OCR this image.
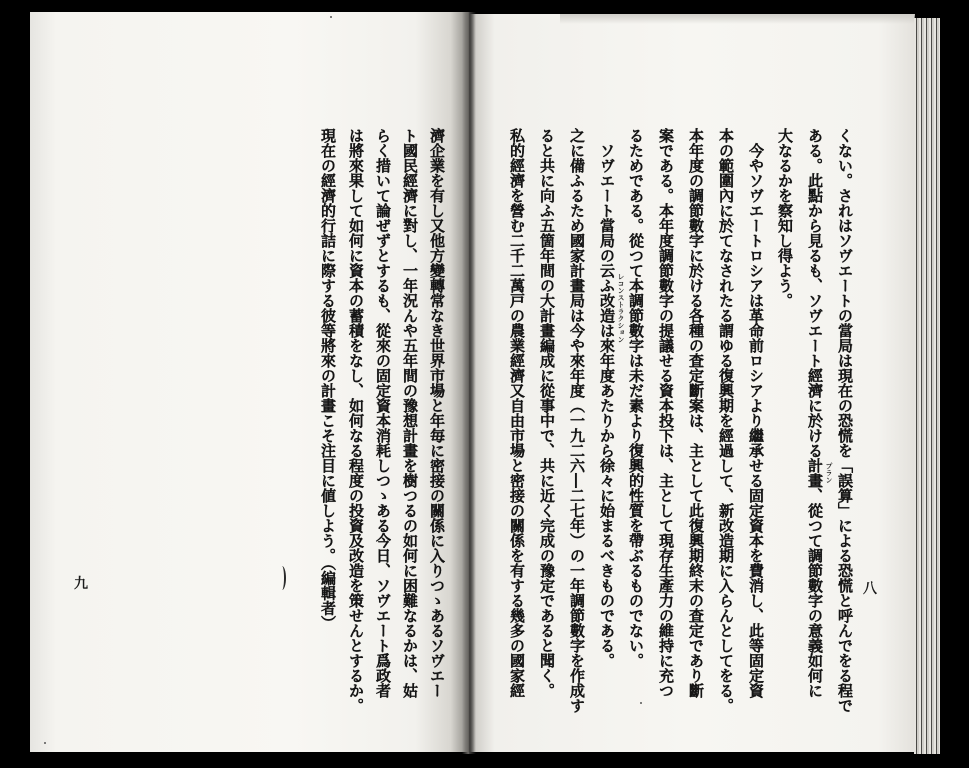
くない。されはソヴエートの當局は現在の恐慌を「誤算」による恐慌と呼んでをる程で
ある。此點から見るも、ソヴエート經濟に於ける計畫 プラン
、從つて調節數字の意義如何に
大なるかを察知し得よう。
今やソヴエートロシアは革命前ロシアより繼承せる固定資本を費消し、此等固定資
本の範圍內に於てなされたる謂ゆる復興期を經過して、新改造期に入らんとしてをる。
本年度の調節數字に於ける各種の査定斷案は、主として此復興期終末の査定であり斷
案である。本年度調節數字の提議せる資本投下は、主として現存生產力の維持に充つ
るためである。從つて本調節數字は未だ素より復興的性質を帶ぶるものでない。
ソヴエート當局の云ふ改造 レコンストラクション
は來年度あたりから徐々に始まるべきものである。
之に備ふるため國家計畫局は今や來年度（一九二六―二七年）の一年調節數字を作成す
ると共に向ふ五箇年間の大計畫編成に從事中で、共に近く完成の豫定であると聞く。
私的經濟を營む二千二萬戸の農業經濟又自由市場と密接の關係を有する幾多の國家經
濟企業を有し又他方變轉常なき世界市場と年毎に密接の關係に入りつゝあるソヴエー
ト國民經濟に對し、一年況んや五年間の豫想計畫を樹つるの如何に困難なるかは、姑
らく措いて論ぜずとするも、從來の固定資本消耗しつゝある今日、ソヴエート爲政者
は將來果して如何に資本の蓄積をなし、如何なる程度の投資及改造を策せんとするか。
現在の經濟的行詰に際する彼等將來の計畫こそ注目に値しよう。（編輯者）	八
九
